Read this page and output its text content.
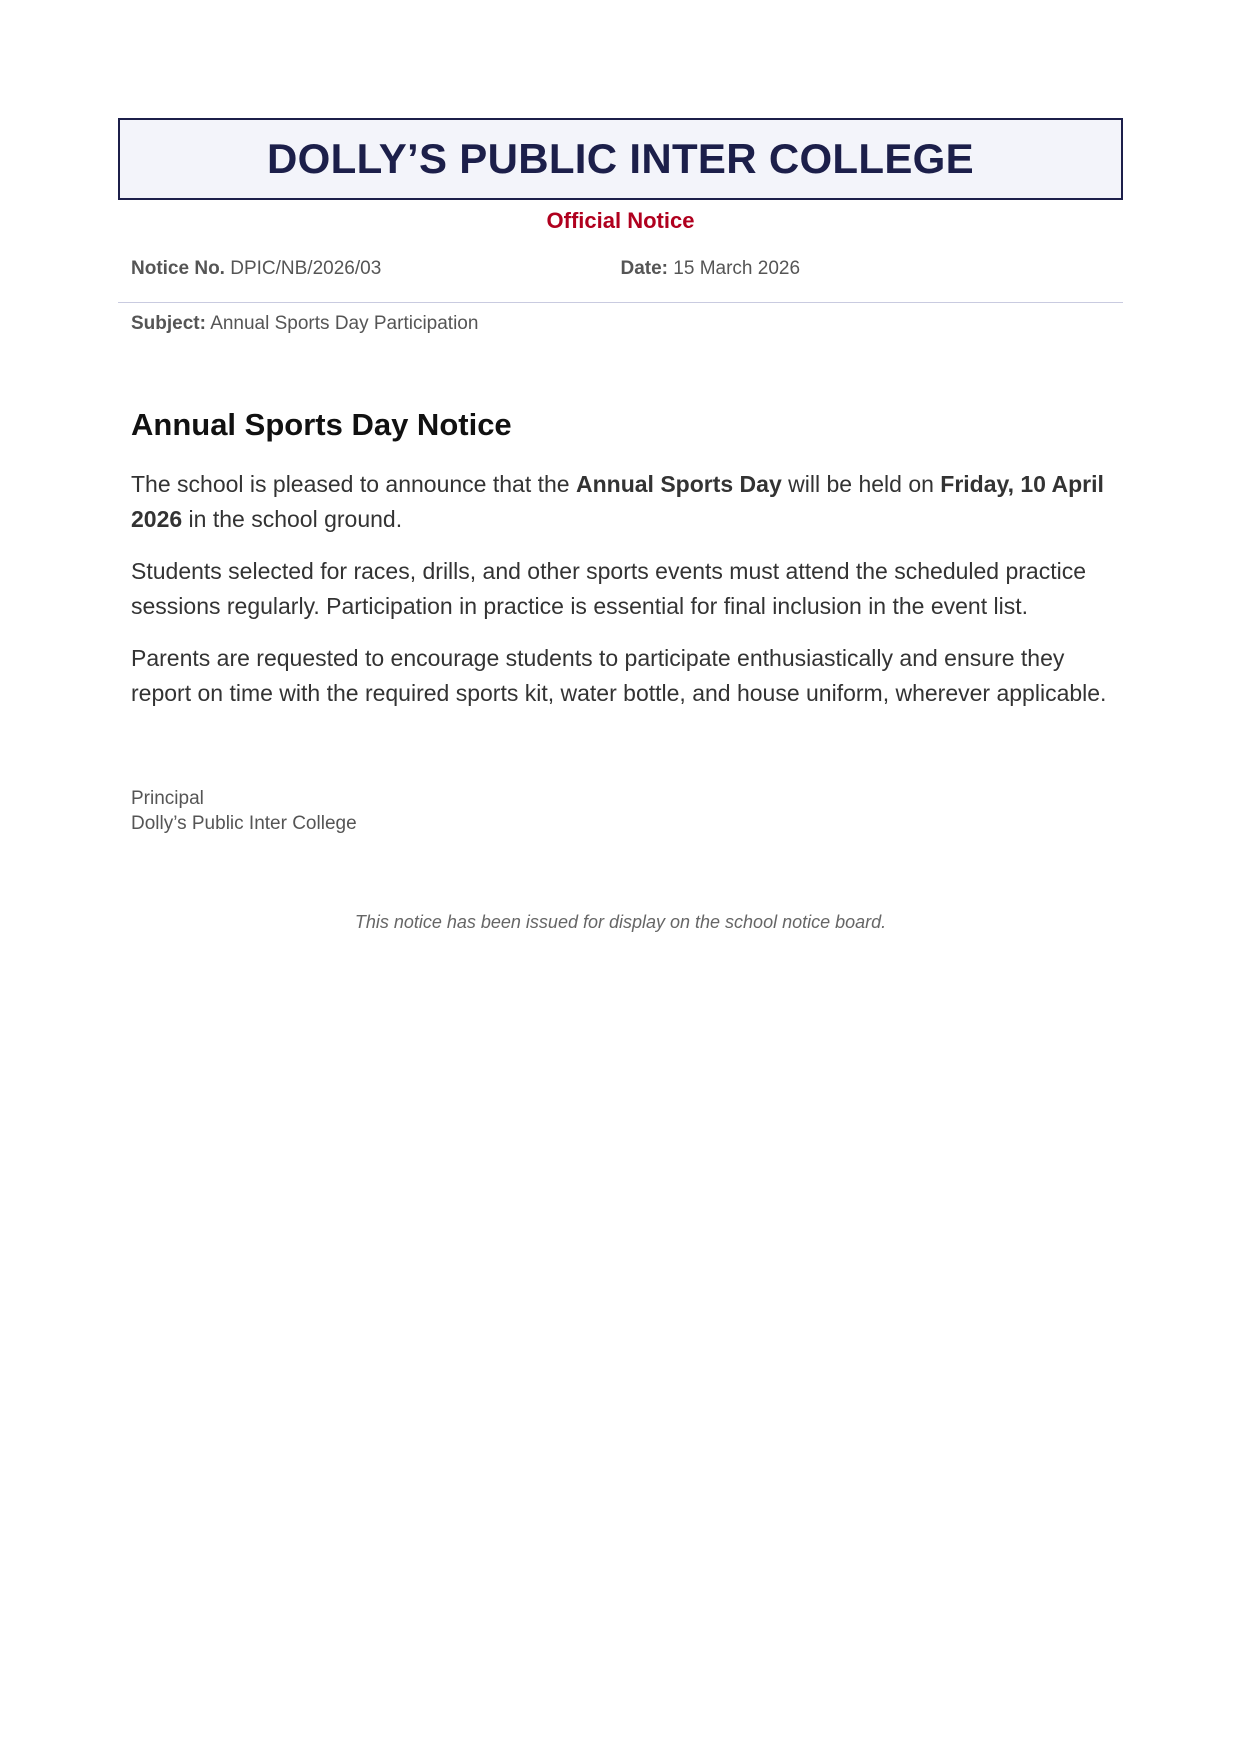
DOLLY’S PUBLIC INTER COLLEGE
Official Notice
Notice No. DPIC/NB/2026/03	Date: 15 March 2026
Subject: Annual Sports Day Participation
Annual Sports Day Notice

The school is pleased to announce that the Annual Sports Day will be held on Friday, 10 April 2026 in the school ground.

Students selected for races, drills, and other sports events must attend the scheduled practice sessions regularly. Participation in practice is essential for final inclusion in the event list.

Parents are requested to encourage students to participate enthusiastically and ensure they report on time with the required sports kit, water bottle, and house uniform, wherever applicable.

Principal
Dolly’s Public Inter College
This notice has been issued for display on the school notice board.
